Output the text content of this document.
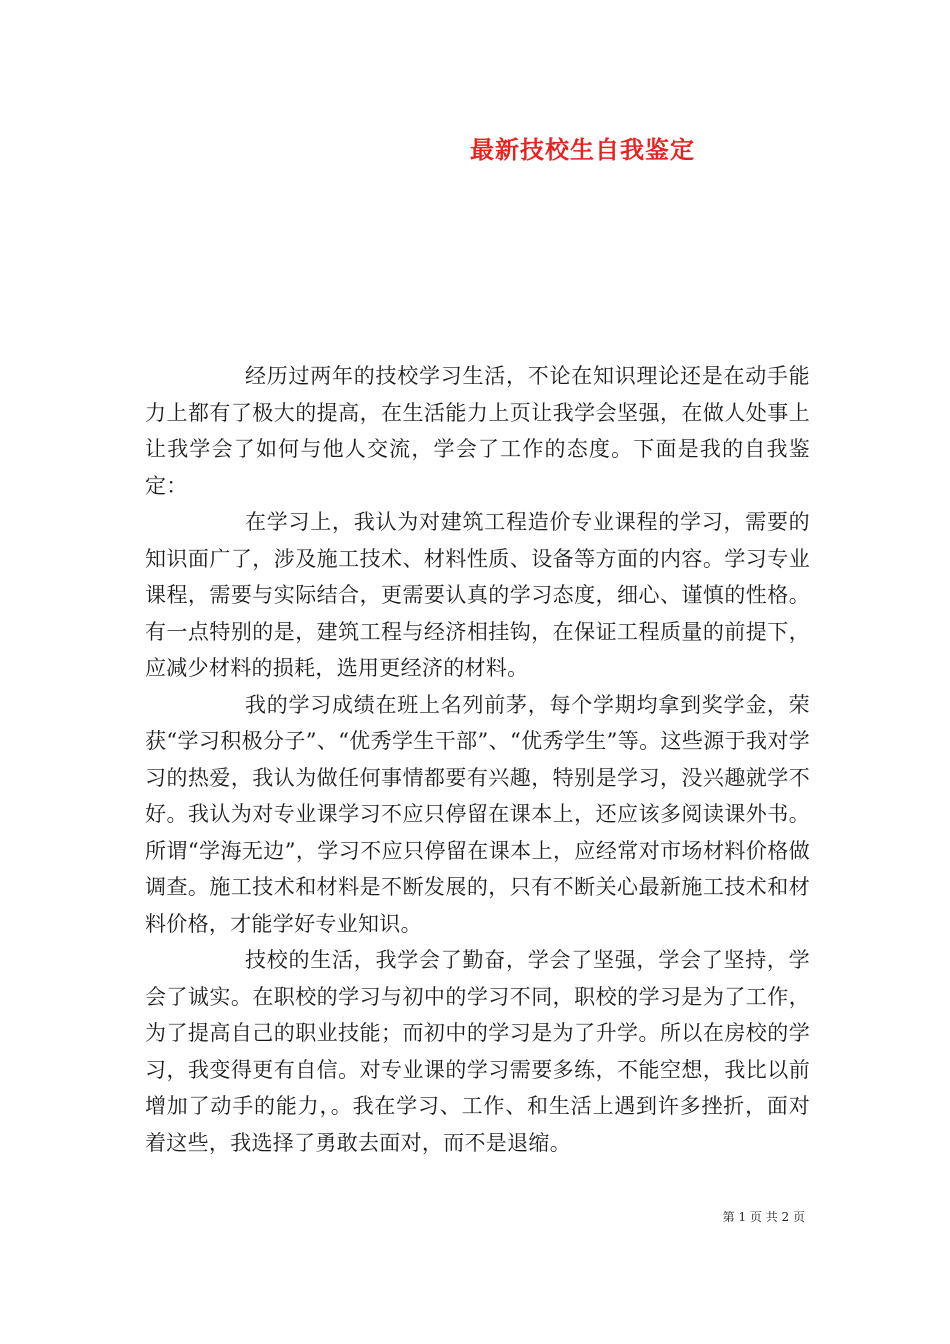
最新技校生自我鉴定

经历过两年的技校学习生活，不论在知识理论还是在动手能力上都有了极大的提高，在生活能力上页让我学会坚强，在做人处事上让我学会了如何与他人交流，学会了工作的态度。下面是我的自我鉴定：

在学习上，我认为对建筑工程造价专业课程的学习，需要的知识面广了，涉及施工技术、材料性质、设备等方面的内容。学习专业课程，需要与实际结合，更需要认真的学习态度，细心、谨慎的性格。有一点特别的是，建筑工程与经济相挂钩，在保证工程质量的前提下，应减少材料的损耗，选用更经济的材料。

我的学习成绩在班上名列前茅，每个学期均拿到奖学金，荣获“学习积极分子”、“优秀学生干部”、“优秀学生”等。这些源于我对学习的热爱，我认为做任何事情都要有兴趣，特别是学习，没兴趣就学不好。我认为对专业课学习不应只停留在课本上，还应该多阅读课外书。所谓“学海无边”，学习不应只停留在课本上，应经常对市场材料价格做调查。施工技术和材料是不断发展的，只有不断关心最新施工技术和材料价格，才能学好专业知识。

技校的生活，我学会了勤奋，学会了坚强，学会了坚持，学会了诚实。在职校的学习与初中的学习不同，职校的学习是为了工作，为了提高自己的职业技能；而初中的学习是为了升学。所以在房校的学习，我变得更有自信。对专业课的学习需要多练，不能空想，我比以前增加了动手的能力，。我在学习、工作、和生活上遇到许多挫折，面对着这些，我选择了勇敢去面对，而不是退缩。

第 1 页 共 2 页
